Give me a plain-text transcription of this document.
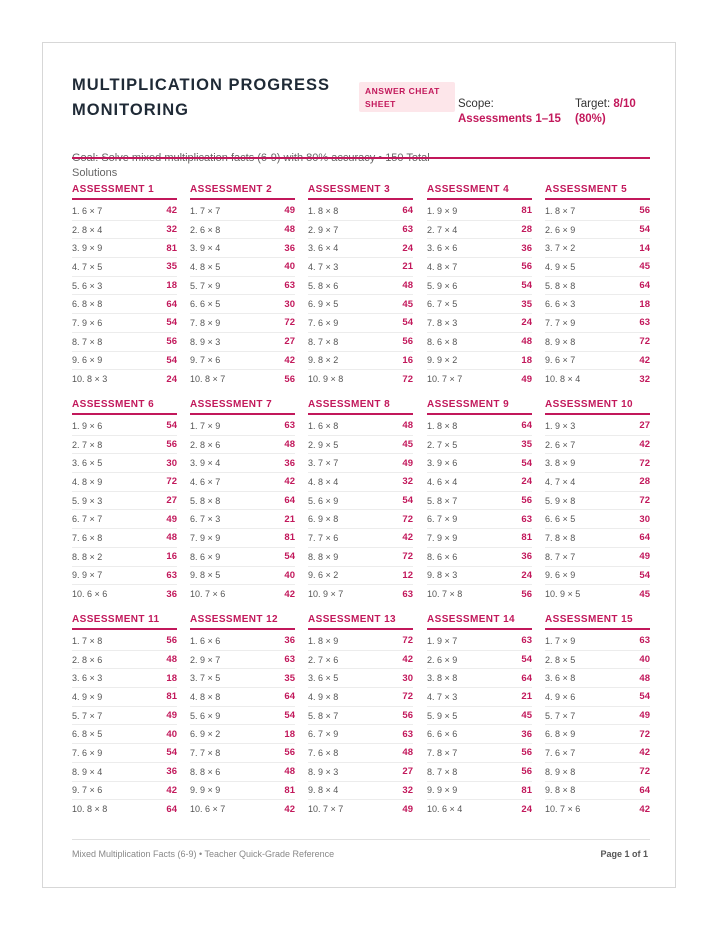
MULTIPLICATION PROGRESS MONITORING

Solutions

ANSWER CHEAT SHEET	Scope:
Assessments 1–15
Target: 8/10 (80%)
ASSESSMENT 1
1. 6 × 7	42
2. 8 × 4	32
3. 9 × 9	81
4. 7 × 5	35
5. 6 × 3	18
6. 8 × 8	64
7. 9 × 6	54
8. 7 × 8	56
9. 6 × 9	54
10. 8 × 3	24
ASSESSMENT 2
1. 7 × 7	49
2. 6 × 8	48
3. 9 × 4	36
4. 8 × 5	40
5. 7 × 9	63
6. 6 × 5	30
7. 8 × 9	72
8. 9 × 3	27
9. 7 × 6	42
10. 8 × 7	56
ASSESSMENT 3
1. 8 × 8	64
2. 9 × 7	63
3. 6 × 4	24
4. 7 × 3	21
5. 8 × 6	48
6. 9 × 5	45
7. 6 × 9	54
8. 7 × 8	56
9. 8 × 2	16
10. 9 × 8	72
ASSESSMENT 4
1. 9 × 9	81
2. 7 × 4	28
3. 6 × 6	36
4. 8 × 7	56
5. 9 × 6	54
6. 7 × 5	35
7. 8 × 3	24
8. 6 × 8	48
9. 9 × 2	18
10. 7 × 7	49
ASSESSMENT 5
1. 8 × 7	56
2. 6 × 9	54
3. 7 × 2	14
4. 9 × 5	45
5. 8 × 8	64
6. 6 × 3	18
7. 7 × 9	63
8. 9 × 8	72
9. 6 × 7	42
10. 8 × 4	32
ASSESSMENT 6
1. 9 × 6	54
2. 7 × 8	56
3. 6 × 5	30
4. 8 × 9	72
5. 9 × 3	27
6. 7 × 7	49
7. 6 × 8	48
8. 8 × 2	16
9. 9 × 7	63
10. 6 × 6	36
ASSESSMENT 7
1. 7 × 9	63
2. 8 × 6	48
3. 9 × 4	36
4. 6 × 7	42
5. 8 × 8	64
6. 7 × 3	21
7. 9 × 9	81
8. 6 × 9	54
9. 8 × 5	40
10. 7 × 6	42
ASSESSMENT 8
1. 6 × 8	48
2. 9 × 5	45
3. 7 × 7	49
4. 8 × 4	32
5. 6 × 9	54
6. 9 × 8	72
7. 7 × 6	42
8. 8 × 9	72
9. 6 × 2	12
10. 9 × 7	63
ASSESSMENT 9
1. 8 × 8	64
2. 7 × 5	35
3. 9 × 6	54
4. 6 × 4	24
5. 8 × 7	56
6. 7 × 9	63
7. 9 × 9	81
8. 6 × 6	36
9. 8 × 3	24
10. 7 × 8	56
ASSESSMENT 10
1. 9 × 3	27
2. 6 × 7	42
3. 8 × 9	72
4. 7 × 4	28
5. 9 × 8	72
6. 6 × 5	30
7. 8 × 8	64
8. 7 × 7	49
9. 6 × 9	54
10. 9 × 5	45
ASSESSMENT 11
1. 7 × 8	56
2. 8 × 6	48
3. 6 × 3	18
4. 9 × 9	81
5. 7 × 7	49
6. 8 × 5	40
7. 6 × 9	54
8. 9 × 4	36
9. 7 × 6	42
10. 8 × 8	64
ASSESSMENT 12
1. 6 × 6	36
2. 9 × 7	63
3. 7 × 5	35
4. 8 × 8	64
5. 6 × 9	54
6. 9 × 2	18
7. 7 × 8	56
8. 8 × 6	48
9. 9 × 9	81
10. 6 × 7	42
ASSESSMENT 13
1. 8 × 9	72
2. 7 × 6	42
3. 6 × 5	30
4. 9 × 8	72
5. 8 × 7	56
6. 7 × 9	63
7. 6 × 8	48
8. 9 × 3	27
9. 8 × 4	32
10. 7 × 7	49
ASSESSMENT 14
1. 9 × 7	63
2. 6 × 9	54
3. 8 × 8	64
4. 7 × 3	21
5. 9 × 5	45
6. 6 × 6	36
7. 8 × 7	56
8. 7 × 8	56
9. 9 × 9	81
10. 6 × 4	24
ASSESSMENT 15
1. 7 × 9	63
2. 8 × 5	40
3. 6 × 8	48
4. 9 × 6	54
5. 7 × 7	49
6. 8 × 9	72
7. 6 × 7	42
8. 9 × 8	72
9. 8 × 8	64
10. 7 × 6	42
Mixed Multiplication Facts (6-9) • Teacher Quick-Grade Reference	Page 1 of 1
